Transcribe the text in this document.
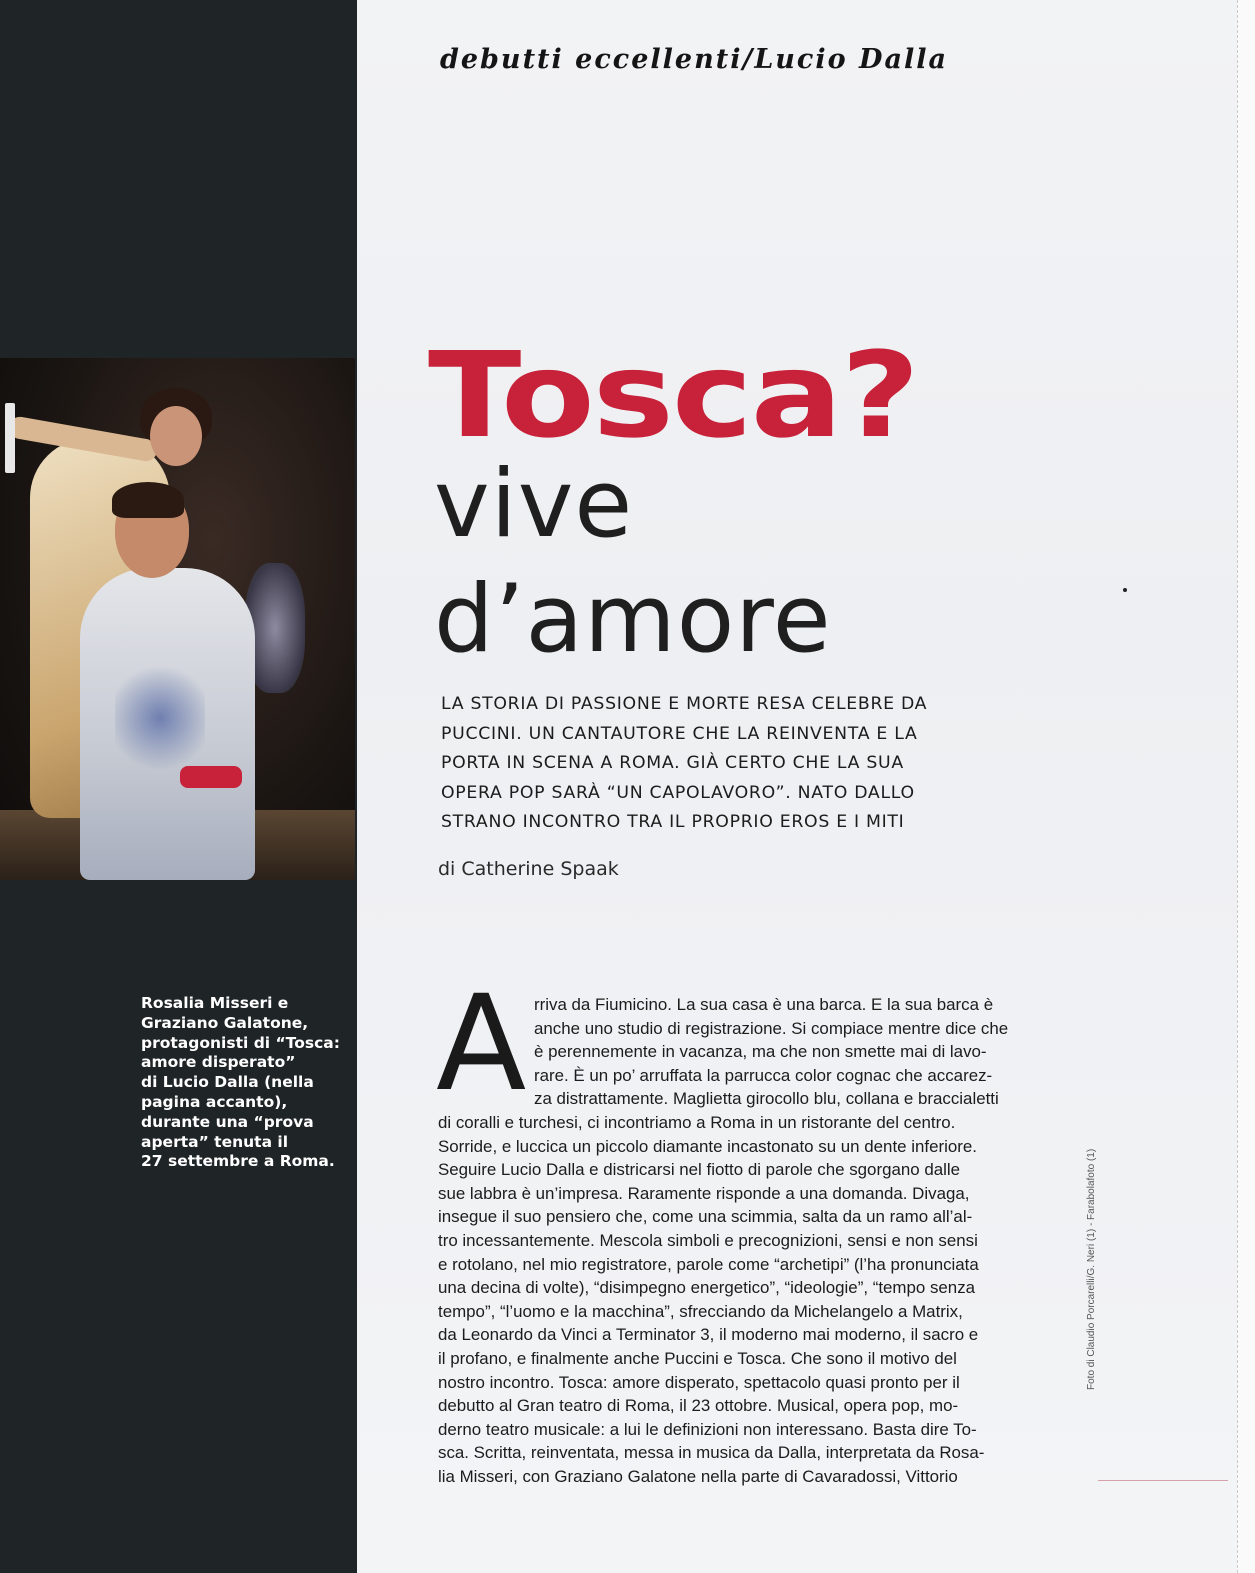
debutti eccellenti/Lucio Dalla
Rosalia Misseri e
Graziano Galatone,
protagonisti di “Tosca:
amore disperato”
di Lucio Dalla (nella
pagina accanto),
durante una “prova
aperta” tenuta il
27 settembre a Roma.
Tosca?
vive
d’amore
LA STORIA DI PASSIONE E MORTE RESA CELEBRE DA
PUCCINI. UN CANTAUTORE CHE LA REINVENTA E LA
PORTA IN SCENA A ROMA. GIÀ CERTO CHE LA SUA
OPERA POP SARÀ “UN CAPOLAVORO”. NATO DALLO
STRANO INCONTRO TRA IL PROPRIO EROS E I MITI
di Catherine Spaak
A rriva da Fiumicino. La sua casa è una barca. E la sua barca è
anche uno studio di registrazione. Si compiace mentre dice che
è perennemente in vacanza, ma che non smette mai di lavo-
rare. È un po’ arruffata la parrucca color cognac che accarez-
za distrattamente. Maglietta girocollo blu, collana e braccialetti
di coralli e turchesi, ci incontriamo a Roma in un ristorante del centro.
Sorride, e luccica un piccolo diamante incastonato su un dente inferiore.
Seguire Lucio Dalla e districarsi nel fiotto di parole che sgorgano dalle
sue labbra è un’impresa. Raramente risponde a una domanda. Divaga,
insegue il suo pensiero che, come una scimmia, salta da un ramo all’al-
tro incessantemente. Mescola simboli e precognizioni, sensi e non sensi
e rotolano, nel mio registratore, parole come “archetipi” (l’ha pronunciata
una decina di volte), “disimpegno energetico”, “ideologie”, “tempo senza
tempo”, “l’uomo e la macchina”, sfrecciando da Michelangelo a Matrix,
da Leonardo da Vinci a Terminator 3, il moderno mai moderno, il sacro e
il profano, e finalmente anche Puccini e Tosca. Che sono il motivo del
nostro incontro. Tosca: amore disperato, spettacolo quasi pronto per il
debutto al Gran teatro di Roma, il 23 ottobre. Musical, opera pop, mo-
derno teatro musicale: a lui le definizioni non interessano. Basta dire To-
sca. Scritta, reinventata, messa in musica da Dalla, interpretata da Rosa-
lia Misseri, con Graziano Galatone nella parte di Cavaradossi, Vittorio
Foto di Claudio Porcarelli/G. Neri (1) - Farabolafoto (1)
